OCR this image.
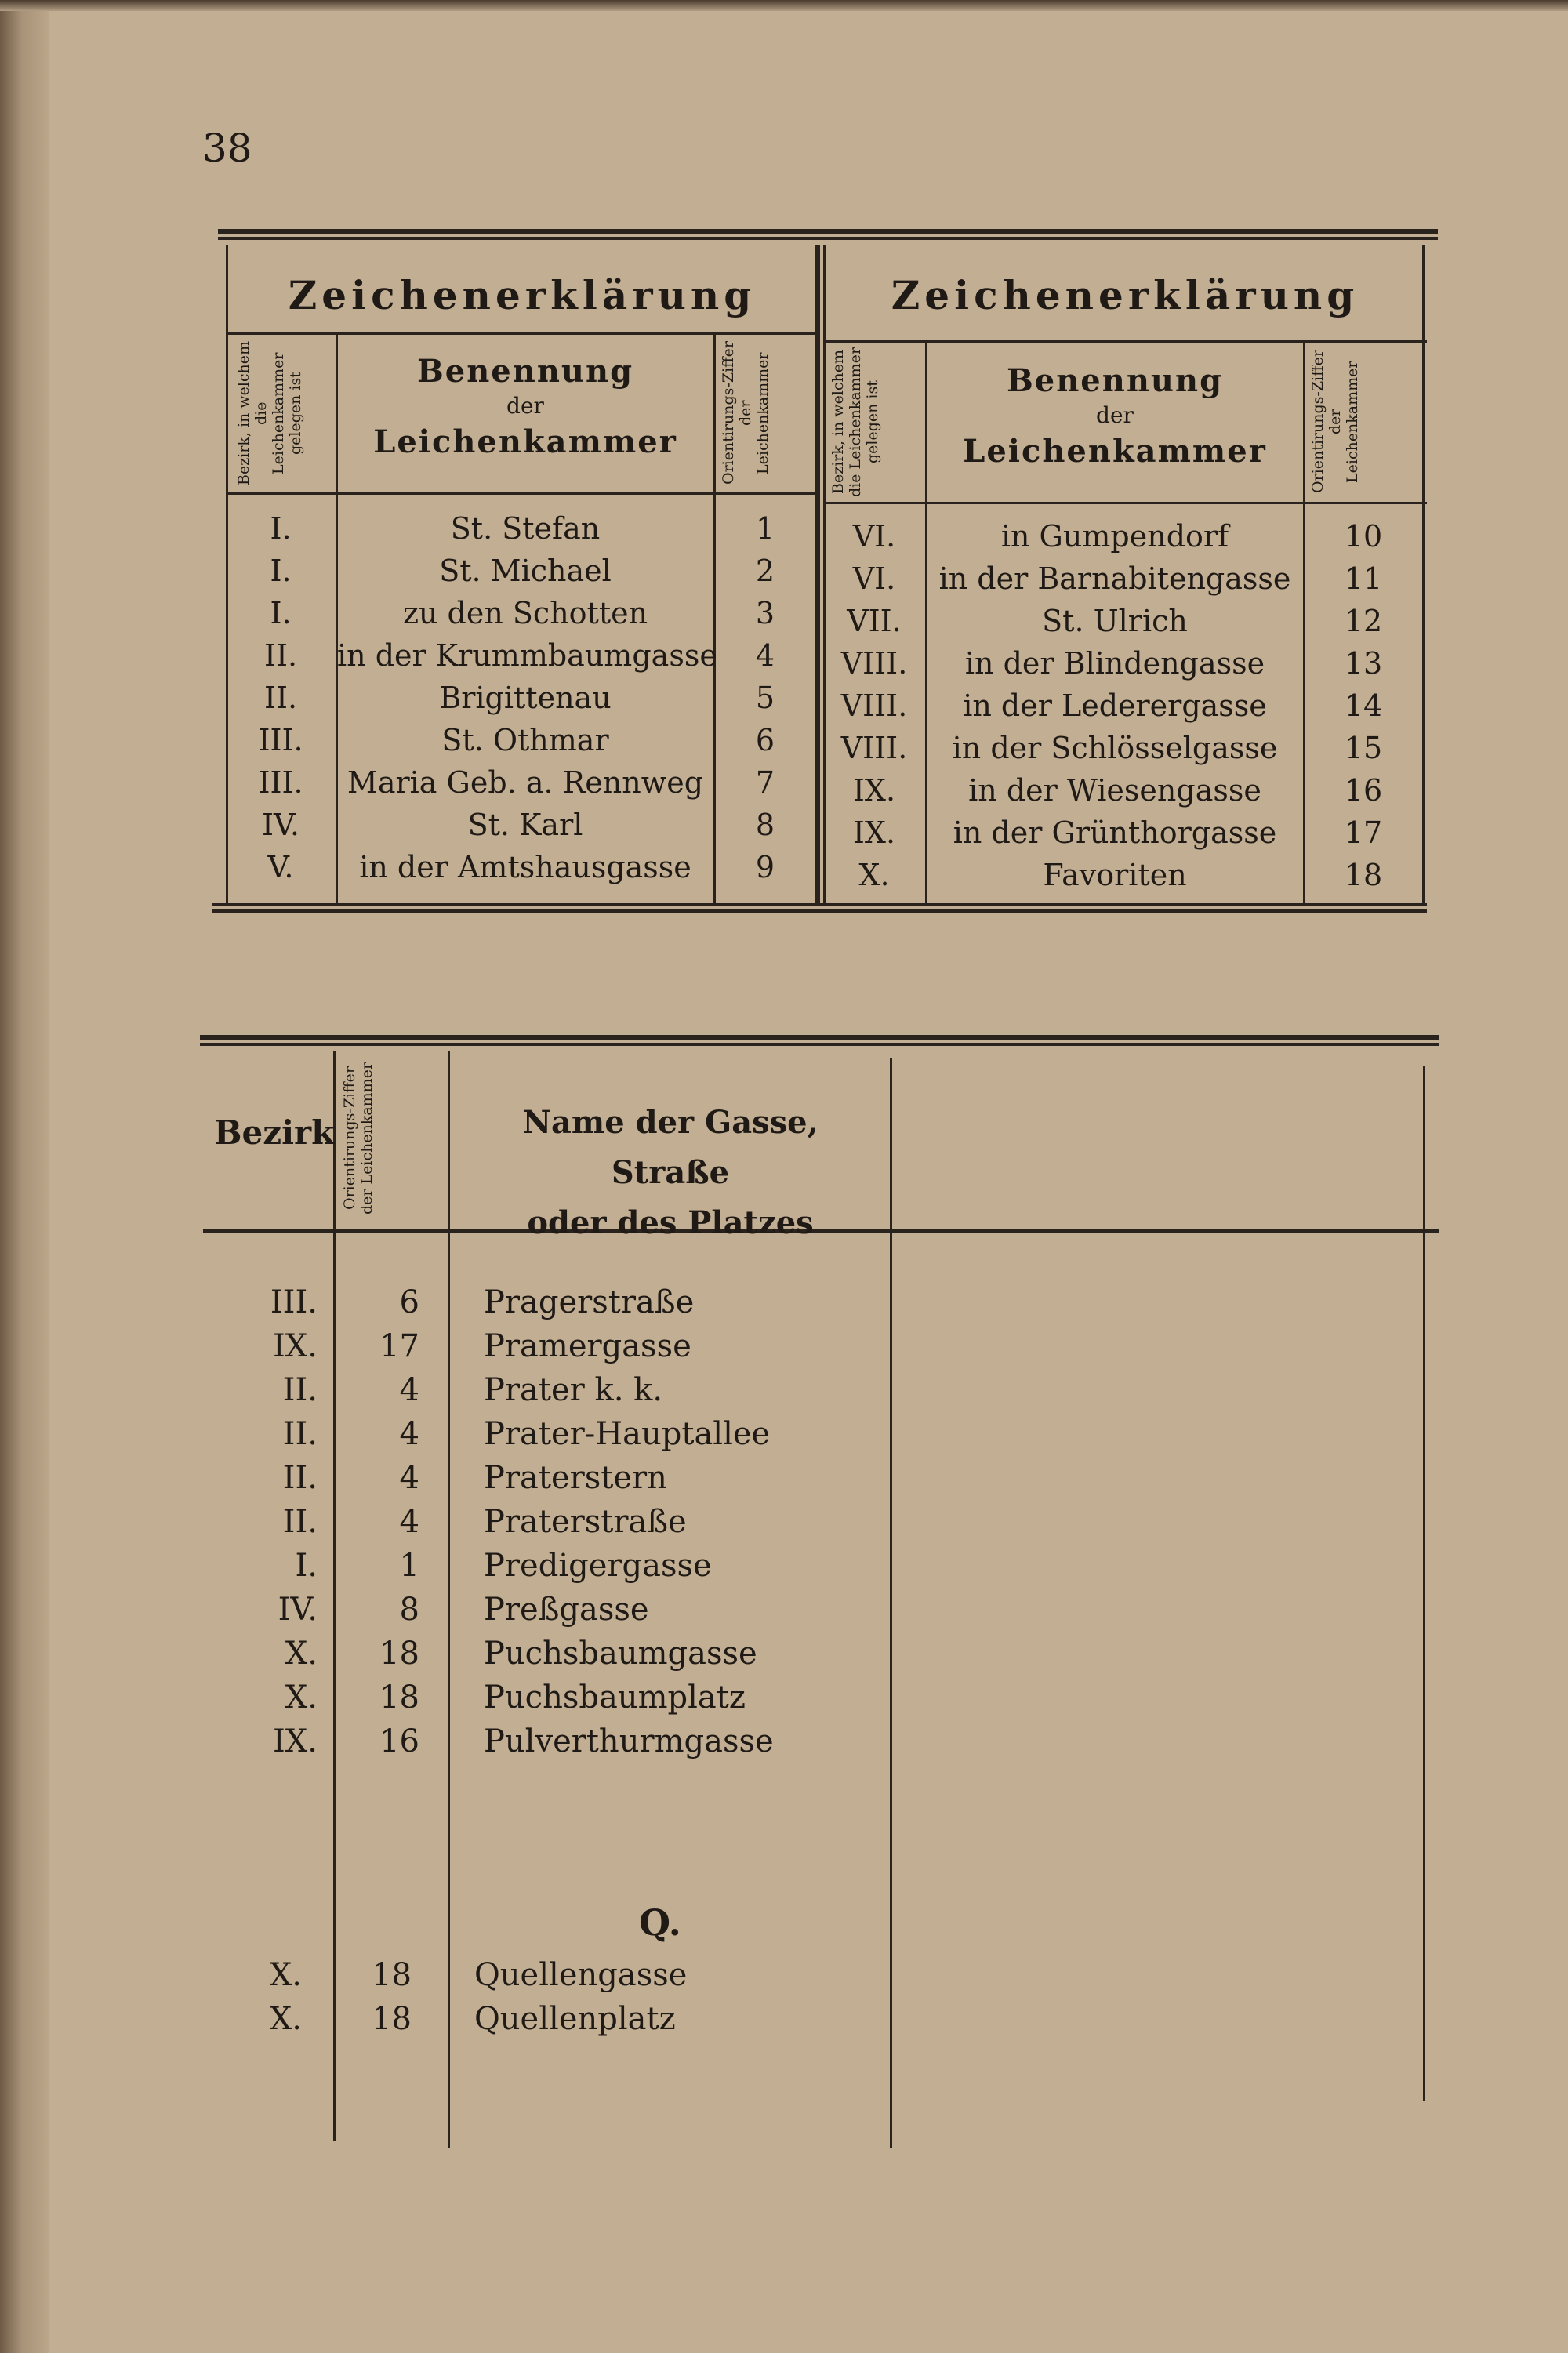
38
Zeichenerklärung
Bezirk, in welchem die Leichenkammer gelegen ist
Benennung
der
Leichenkammer	Orientirungs-Ziffer der Leichenkammer
I.	St. Stefan	1
I.	St. Michael	2
I.	zu den Schotten	3
II.	in der Krummbaumgasse	4
II.	Brigittenau	5
III.	St. Othmar	6
III.	Maria Geb. a. Rennweg	7
IV.	St. Karl	8
V.	in der Amtshausgasse	9
Zeichenerklärung
Bezirk, in welchem die Leichenkammer gelegen ist	Benennung
der
Leichenkammer	Orientirungs-Ziffer der Leichenkammer
VI.	in Gumpendorf	10
VI.	in der Barnabitengasse	11
VII.	St. Ulrich	12
VIII.	in der Blindengasse	13
VIII.	in der Lederergasse	14
VIII.	in der Schlösselgasse	15
IX.	in der Wiesengasse	16
IX.	in der Grünthorgasse	17
X.	Favoriten	18
Bezirk Orientirungs-Ziffer der Leichenkammer	Name der Gasse, Straße
oder des Platzes
III.	6 Pragerstraße
IX.	17 Pramergasse
II.	4 Prater k. k.
II.	4 Prater-Hauptallee
II.	4 Praterstern
II.	4 Praterstraße
I.	1 Predigergasse
IV.	8 Preßgasse
X.	18 Puchsbaumgasse
X.	18 Puchsbaumplatz
IX.	16 Pulverthurmgasse
Q.
X.	18 Quellengasse
X.	18 Quellenplatz
